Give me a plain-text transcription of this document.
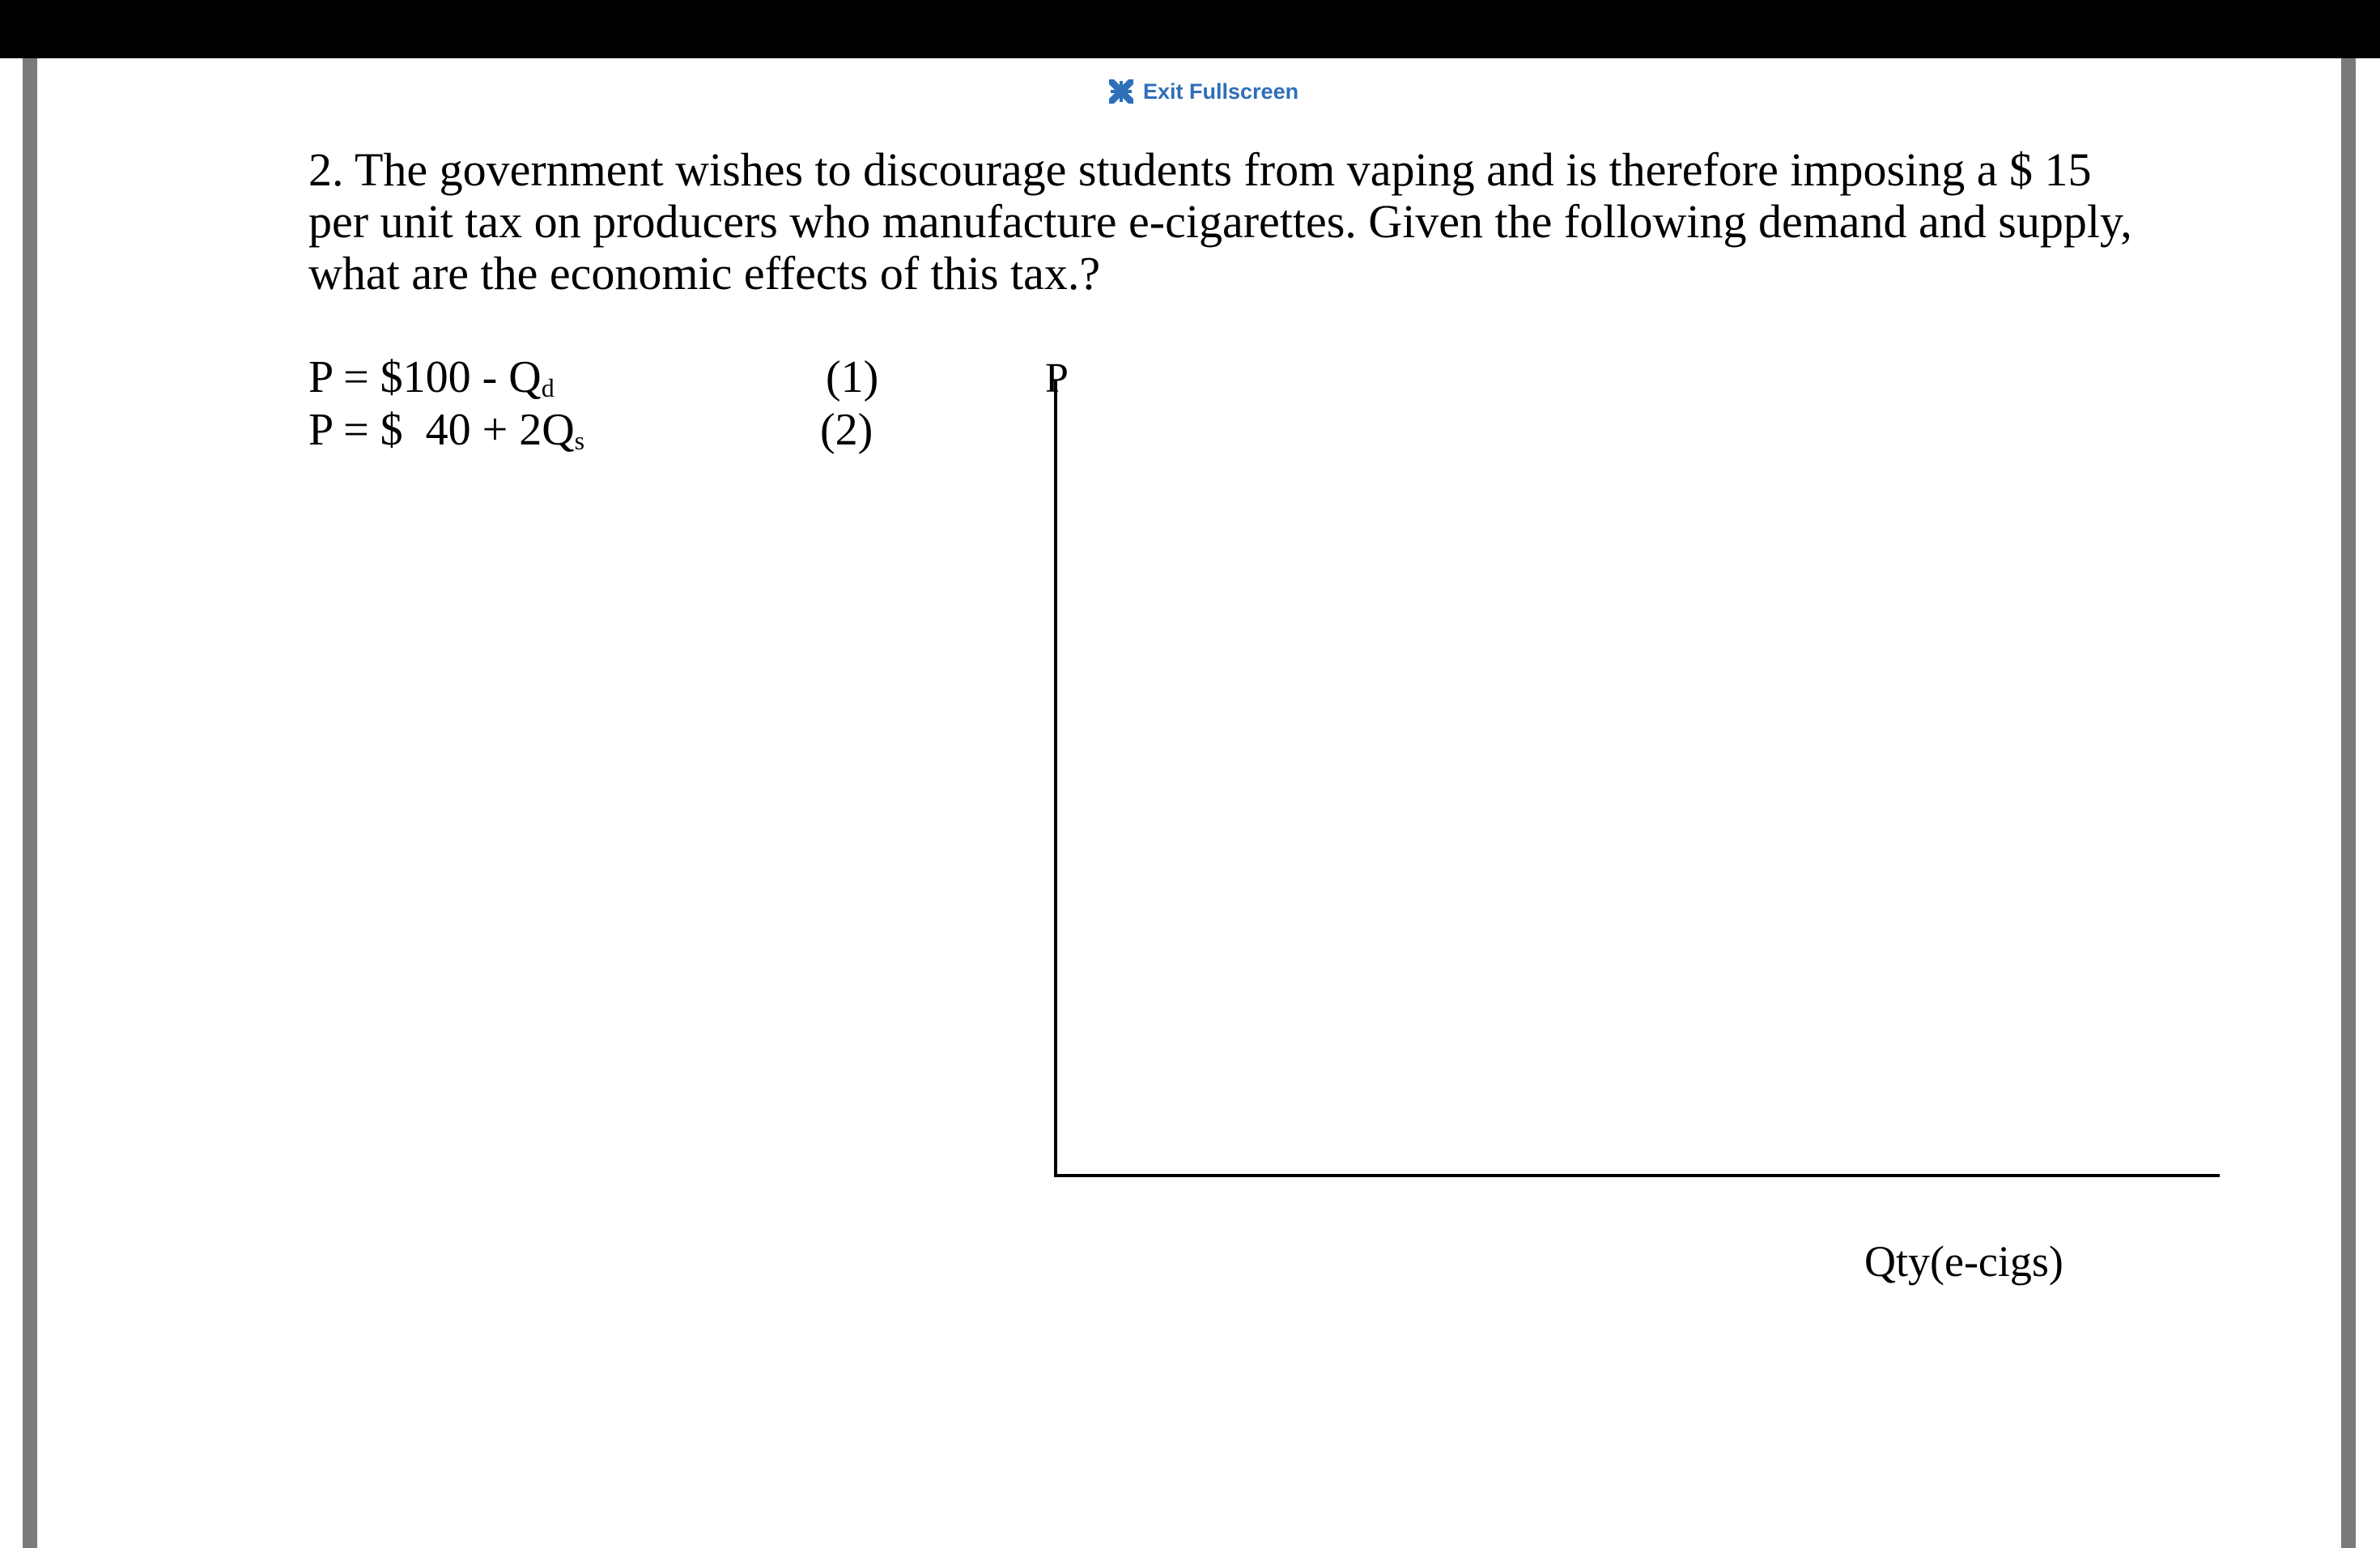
Exit Fullscreen
2. The government wishes to discourage students from vaping and is therefore imposing a $ 15
per unit tax on producers who manufacture e-cigarettes. Given the following demand and supply,
what are the economic effects of this tax.?
P = $100 - $Q_d$	(1)
P = $  $40 + 2Q_s$	(2)
P
Qty(e-cigs)
